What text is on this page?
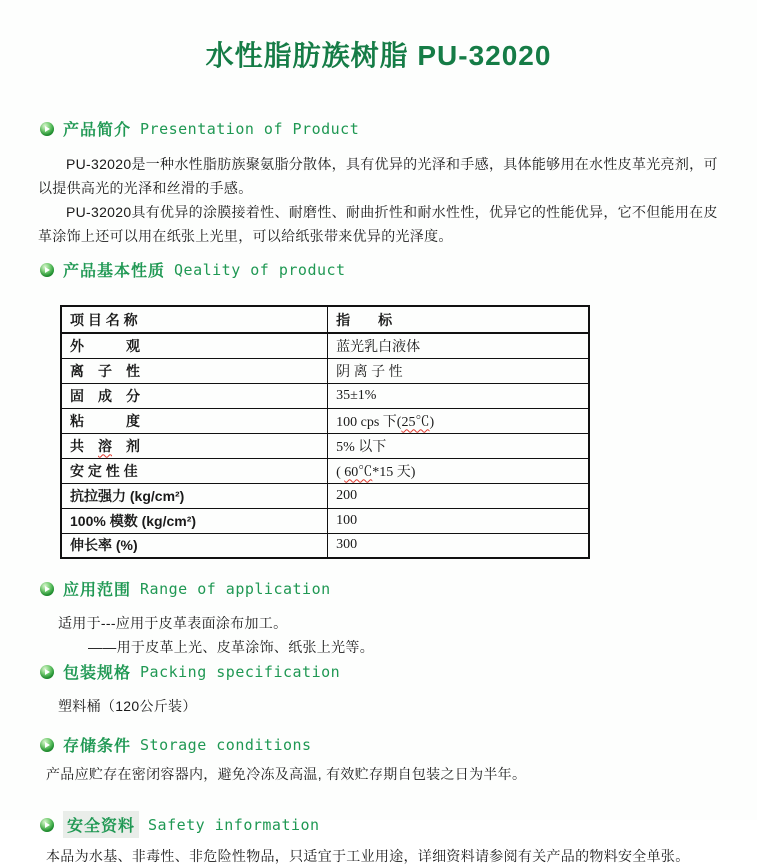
水性脂肪族树脂 PU-32020
产品简介 Presentation of Product

PU-32020是一种水性脂肪族聚氨脂分散体，具有优异的光泽和手感，具体能够用在水性皮革光亮剂，可以提供高光的光泽和丝滑的手感。

PU-32020具有优异的涂膜接着性、耐磨性、耐曲折性和耐水性性，优异它的性能优异，它不但能用在皮革涂饰上还可以用在纸张上光里，可以给纸张带来优异的光泽度。

产品基本性质 Qeality of product
项 目 名 称	指　　标
外　　　观	蓝光乳白液体
离　子　性	阴 离 子 性
固　成　分	35±1%
粘　　　度	100 cps 下(25℃)
共　溶　剂	5% 以下
安 定 性 佳	( 60℃*15 天)
抗拉强力 (kg/cm²)	200
100% 模数 (kg/cm²)	100
伸长率 (%)	300
应用范围 Range of application
适用于---应用于皮革表面涂布加工。
——用于皮革上光、皮革涂饰、纸张上光等。
包装规格 Packing specification
塑料桶（120公斤装）
存储条件 Storage conditions
产品应贮存在密闭容器内，避免冷冻及高温, 有效贮存期自包装之日为半年。
安全资料 Safety information
本品为水基、非毒性、非危险性物品，只适宜于工业用途，详细资料请参阅有关产品的物料安全单张。
